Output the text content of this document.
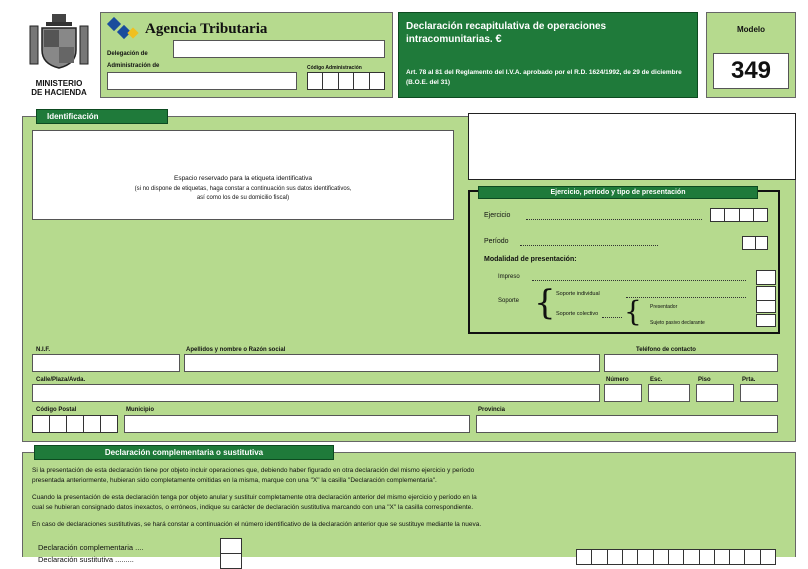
MINISTERIO
DE HACIENDA
Agencia Tributaria
Delegación de
Administración de	Código Administración
Declaración recapitulativa de operaciones intracomunitarias. €
Art. 78 al 81 del Reglamento del I.V.A. aprobado por el R.D. 1624/1992, de 29 de diciembre (B.O.E. del 31)
Modelo
349
Identificación
Espacio reservado para la etiqueta identificativa
(si no dispone de etiquetas, haga constar a continuación sus datos identificativos,
así como los de su domicilio fiscal)
Ejercicio, período y tipo de presentación
Ejercicio
Período
Modalidad de presentación:
Impreso
Soporte { Soporte individual
Soporte colectivo { Presentador
Sujeto pasivo declarante
N.I.F.	Apellidos y nombre o Razón social	Teléfono de contacto
Calle/Plaza/Avda.	Número	Esc.	Piso	Prta.
Código Postal	Municipio	Provincia
Declaración complementaria o sustitutiva
Si la presentación de esta declaración tiene por objeto incluir operaciones que, debiendo haber figurado en otra declaración del mismo ejercicio y período
presentada anteriormente, hubieran sido completamente omitidas en la misma, marque con una "X" la casilla "Declaración complementaria".
Cuando la presentación de esta declaración tenga por objeto anular y sustituir completamente otra declaración anterior del mismo ejercicio y período en la
cual se hubieran consignado datos inexactos, o erróneos, indique su carácter de declaración sustitutiva marcando con una "X" la casilla correspondiente.
En caso de declaraciones sustitutivas, se hará constar a continuación el número identificativo de la declaración anterior que se sustituye mediante la nueva.
Declaración complementaria ....
Declaración sustitutiva .........
